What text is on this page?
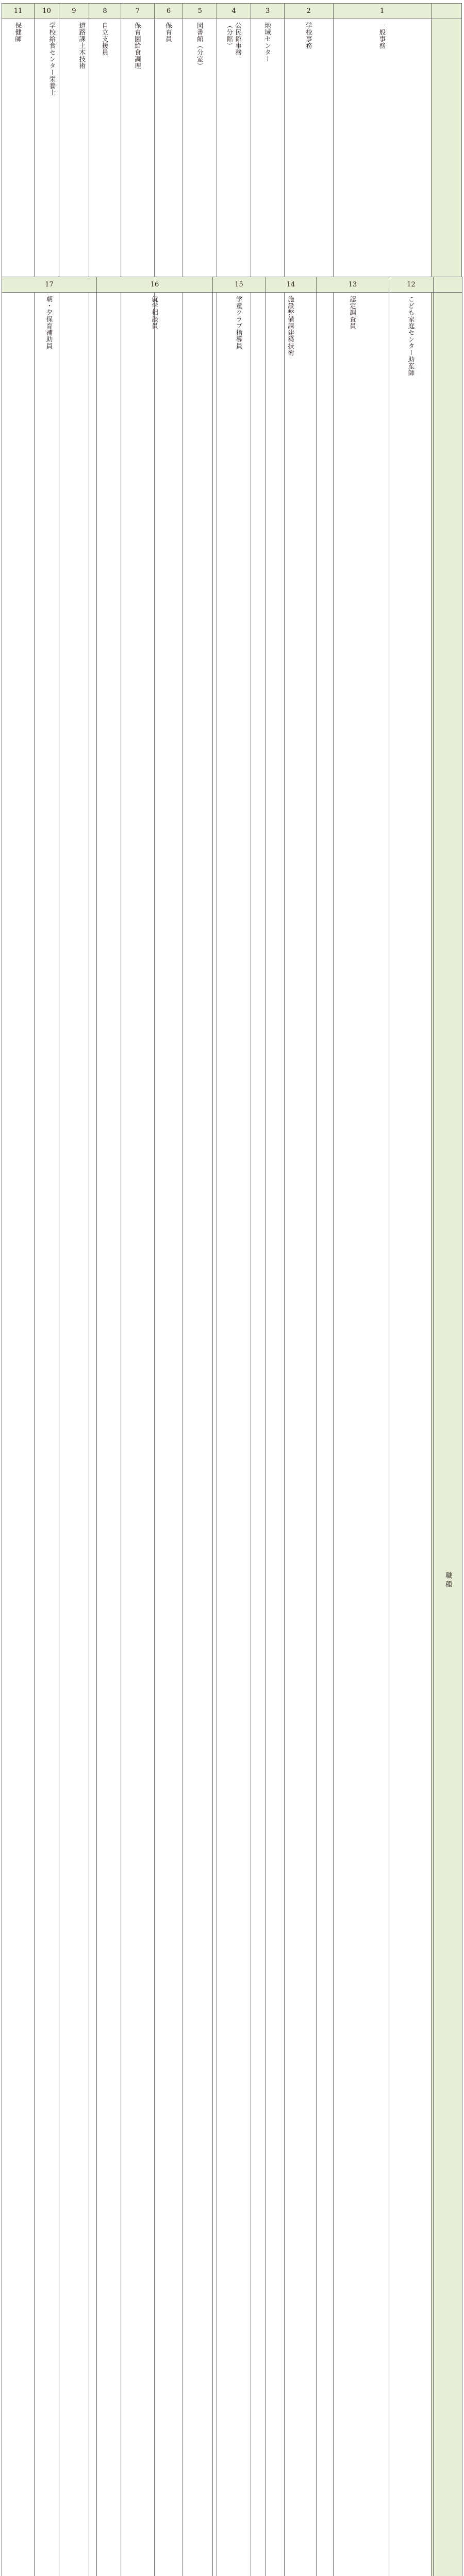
11	10	9	8	7	6	5	4	3	2	1	

保健師	学校給食センター栄養士	道路課土木技術	自立支援員	保育園給食調理	保育員	図書館（分室）	公民館事務
（分館）	地域センター	学校事務	一般事務

17	16	15	14	13	12	

朝・夕保育補助員	就学相談員	学童クラブ指導員	施設整備課建築技術	認定調査員	こども家庭センター助産師	職種
